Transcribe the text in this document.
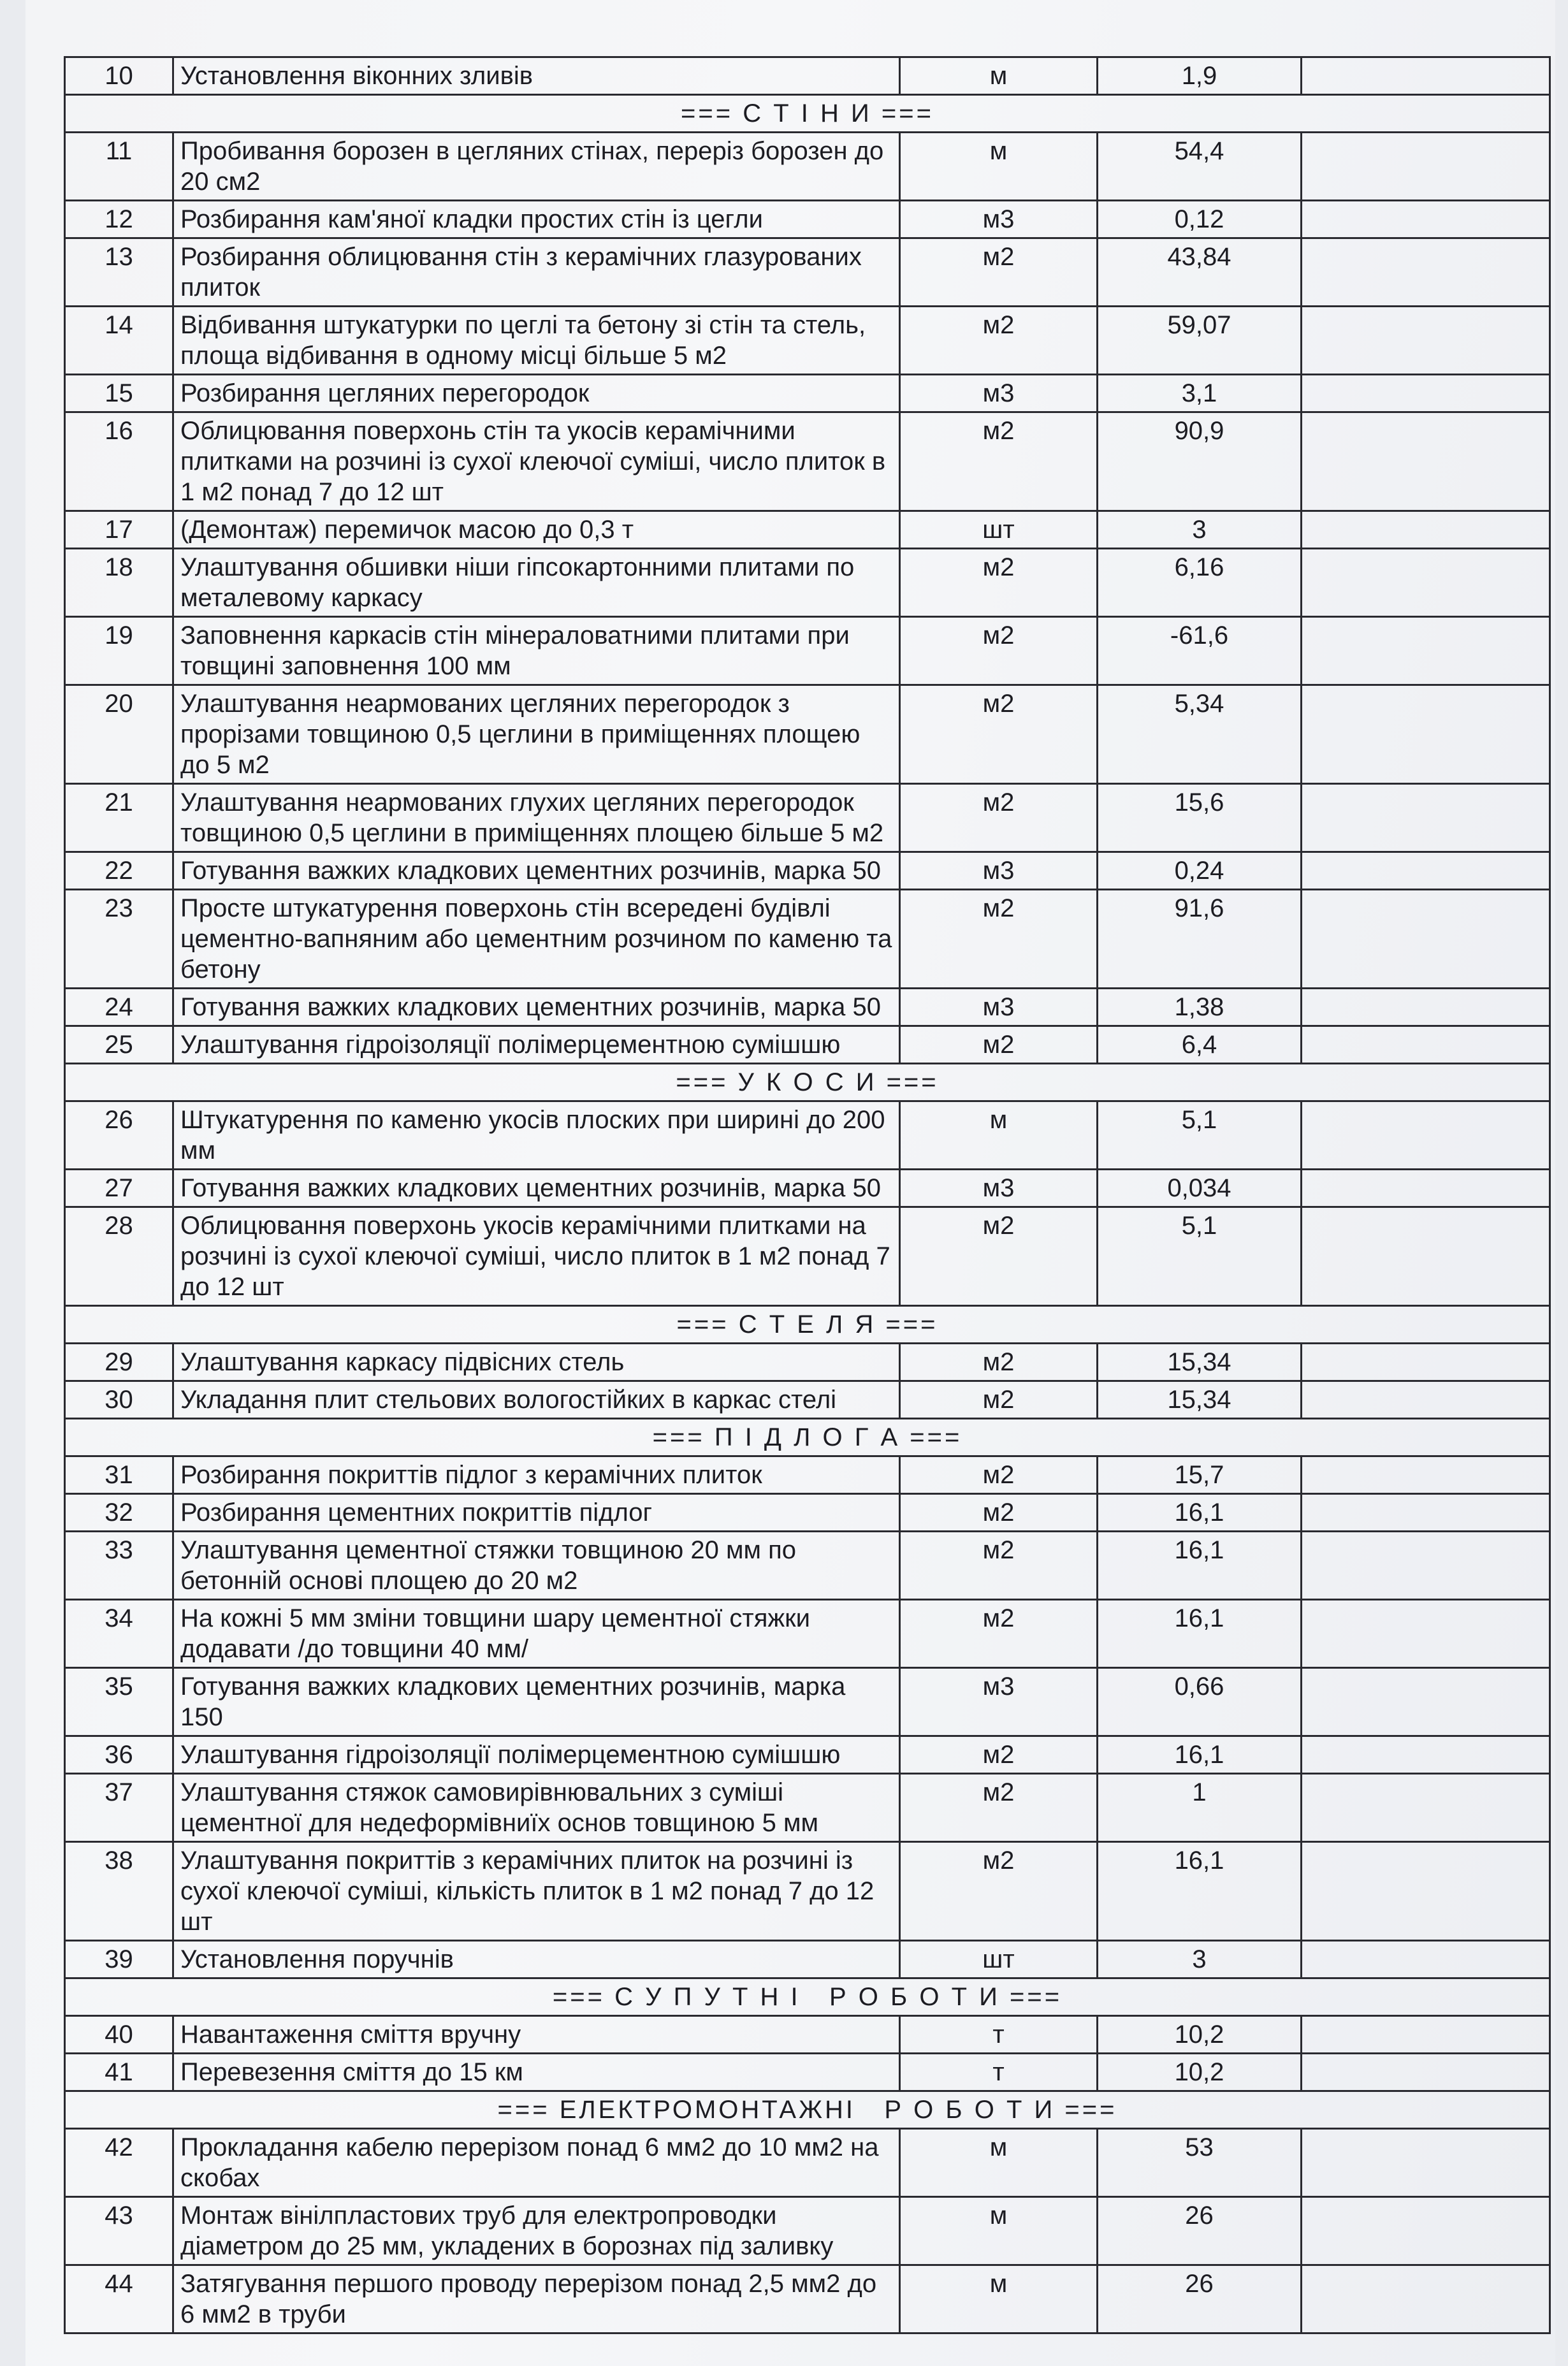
10	Установлення віконних зливів	м	1,9	
=== С Т І Н И ===				
11	Пробивання борозен в цегляних стінах, переріз борозен до 20 см2	м	54,4	
12	Розбирання кам'яної кладки простих стін із цегли	м3	0,12	
13	Розбирання облицювання стін з керамічних глазурованих плиток	м2	43,84	
14	Відбивання штукатурки по цеглі та бетону зі стін та стель, площа відбивання в одному місці більше 5 м2	м2	59,07	
15	Розбирання цегляних перегородок	м3	3,1	
16	Облицювання поверхонь стін та укосів керамічними плитками на розчині із сухої клеючої суміші, число плиток в 1 м2 понад 7 до 12 шт	м2	90,9	
17	(Демонтаж) перемичок масою до 0,3 т	шт	3	
18	Улаштування обшивки ніши гіпсокартонними плитами по металевому каркасу	м2	6,16	
19	Заповнення каркасів стін мінераловатними плитами при товщині заповнення 100 мм	м2	-61,6	
20	Улаштування неармованих цегляних перегородок з прорізами товщиною 0,5 цеглини в приміщеннях площею до 5 м2	м2	5,34	
21	Улаштування неармованих глухих цегляних перегородок товщиною 0,5 цеглини в приміщеннях площею більше 5 м2	м2	15,6	
22	Готування важких кладкових цементних розчинів, марка 50	м3	0,24	
23	Просте штукатурення поверхонь стін всередені будівлі цементно-вапняним або цементним розчином по каменю та бетону	м2	91,6	
24	Готування важких кладкових цементних розчинів, марка 50	м3	1,38	
25	Улаштування гідроізоляції полімерцементною сумішшю	м2	6,4	
=== У К О С И ===				
26	Штукатурення по каменю укосів плоских при ширині до 200 мм	м	5,1	
27	Готування важких кладкових цементних розчинів, марка 50	м3	0,034	
28	Облицювання поверхонь укосів керамічними плитками на розчині із сухої клеючої суміші, число плиток в 1 м2 понад 7 до 12 шт	м2	5,1	
=== С Т Е Л Я ===				
29	Улаштування каркасу підвісних стель	м2	15,34	
30	Укладання плит стельових вологостійких в каркас стелі	м2	15,34	
=== П І Д Л О Г А ===				
31	Розбирання покриттів підлог з керамічних плиток	м2	15,7	
32	Розбирання цементних покриттів підлог	м2	16,1	
33	Улаштування цементної стяжки товщиною 20 мм по бетонній основі площею до 20 м2	м2	16,1	
34	На кожні 5 мм зміни товщини шару цементної стяжки додавати /до товщини 40 мм/	м2	16,1	
35	Готування важких кладкових цементних розчинів, марка 150	м3	0,66	
36	Улаштування гідроізоляції полімерцементною сумішшю	м2	16,1	
37	Улаштування стяжок самовирівнювальних з суміші цементної для недеформівниїх основ товщиною 5 мм	м2	1	
38	Улаштування покриттів з керамічних плиток на розчині із сухої клеючої суміші, кількість плиток в 1 м2 понад 7 до 12 шт	м2	16,1	
39	Установлення поручнів	шт	3	
=== С У П У Т Н І   Р О Б О Т И ===				
40	Навантаження сміття вручну	т	10,2	
41	Перевезення сміття до 15 км	т	10,2	
=== ЕЛЕКТРОМОНТАЖНІ   Р О Б О Т И ===				
42	Прокладання кабелю перерізом понад 6 мм2 до 10 мм2 на скобах	м	53	
43	Монтаж вінілпластових труб для електропроводки діаметром до 25 мм, укладених в борознах під заливку	м	26	
44	Затягування першого проводу перерізом понад 2,5 мм2 до 6 мм2 в труби	м	26	
